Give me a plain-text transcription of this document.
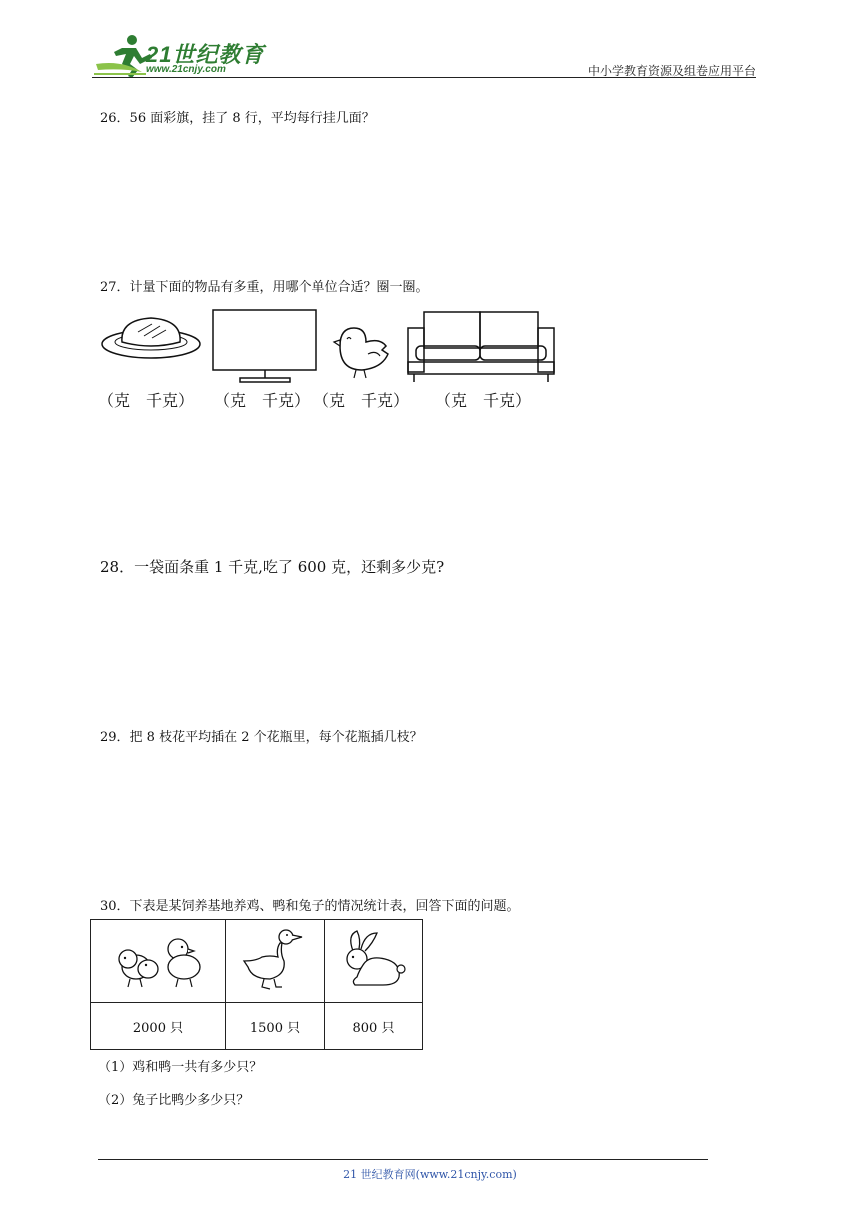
21世纪教育
www.21cnjy.com	中小学教育资源及组卷应用平台
26．56 面彩旗，挂了 8 行，平均每行挂几面？
27．计量下面的物品有多重，用哪个单位合适？圈一圈。
（克　千克） （克　千克） （克　千克） （克　千克）
28．一袋面条重 1 千克,吃了 600 克，还剩多少克?
29．把 8 枝花平均插在 2 个花瓶里，每个花瓶插几枝？
30．下表是某饲养基地养鸡、鸭和兔子的情况统计表，回答下面的问题。

2000 只	1500 只	800 只
（1）鸡和鸭一共有多少只？
（2）兔子比鸭少多少只？
21 世纪教育网(www.21cnjy.com)
